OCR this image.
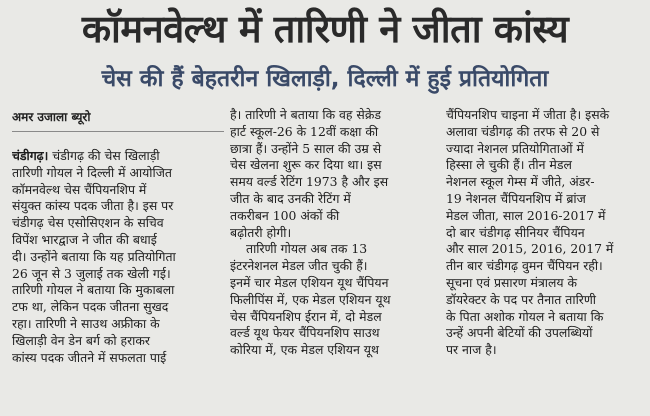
कॉमनवेल्थ में तारिणी ने जीता कांस्य
चेस की हैं बेहतरीन खिलाड़ी, दिल्ली में हुई प्रतियोगिता
अमर उजाला ब्यूरो
चंडीगढ़। चंडीगढ़ की चेस खिलाड़ी
तारिणी गोयल ने दिल्ली में आयोजित
कॉमनवेल्थ चेस चैंपियनशिप में
संयुक्त कांस्य पदक जीता है। इस पर
चंडीगढ़ चेस एसोसिएशन के सचिव
विपेंश भारद्वाज ने जीत की बधाई
दी। उन्होंने बताया कि यह प्रतियोगिता
26 जून से 3 जुलाई तक खेली गई।
तारिणी गोयल ने बताया कि मुकाबला
टफ था, लेकिन पदक जीतना सुखद
रहा। तारिणी ने साउथ अफ्रीका के
खिलाड़ी वेन डेन बर्ग को हराकर
कांस्य पदक जीतने में सफलता पाई
है। तारिणी ने बताया कि वह सेक्रेड
हार्ट स्कूल-26 के 12वीं कक्षा की
छात्रा हैं। उन्होंने 5 साल की उम्र से
चेस खेलना शुरू कर दिया था। इस
समय वर्ल्ड रेटिंग 1973 है और इस
जीत के बाद उनकी रेटिंग में
तकरीबन 100 अंकों की
बढ़ोतरी होगी।
तारिणी गोयल अब तक 13
इंटरनेशनल मेडल जीत चुकी हैं।
इनमें चार मेडल एशियन यूथ चैंपियन
फिलीपिंस में, एक मेडल एशियन यूथ
चेस चैंपियनशिप ईरान में, दो मेडल
वर्ल्ड यूथ फेयर चैंपियनशिप साउथ
कोरिया में, एक मेडल एशियन यूथ
चैंपियनशिप चाइना में जीता है। इसके
अलावा चंडीगढ़ की तरफ से 20 से
ज्यादा नेशनल प्रतियोगिताओं में
हिस्सा ले चुकी हैं। तीन मेडल
नेशनल स्कूल गेम्स में जीते, अंडर-
19 नेशनल चैंपियनशिप में ब्रांज
मेडल जीता, साल 2016-2017 में
दो बार चंडीगढ़ सीनियर चैंपियन
और साल 2015, 2016, 2017 में
तीन बार चंडीगढ़ वुमन चैंपियन रही।
सूचना एवं प्रसारण मंत्रालय के
डॉयरेक्टर के पद पर तैनात तारिणी
के पिता अशोक गोयल ने बताया कि
उन्हें अपनी बेटियों की उपलब्धियों
पर नाज है।
